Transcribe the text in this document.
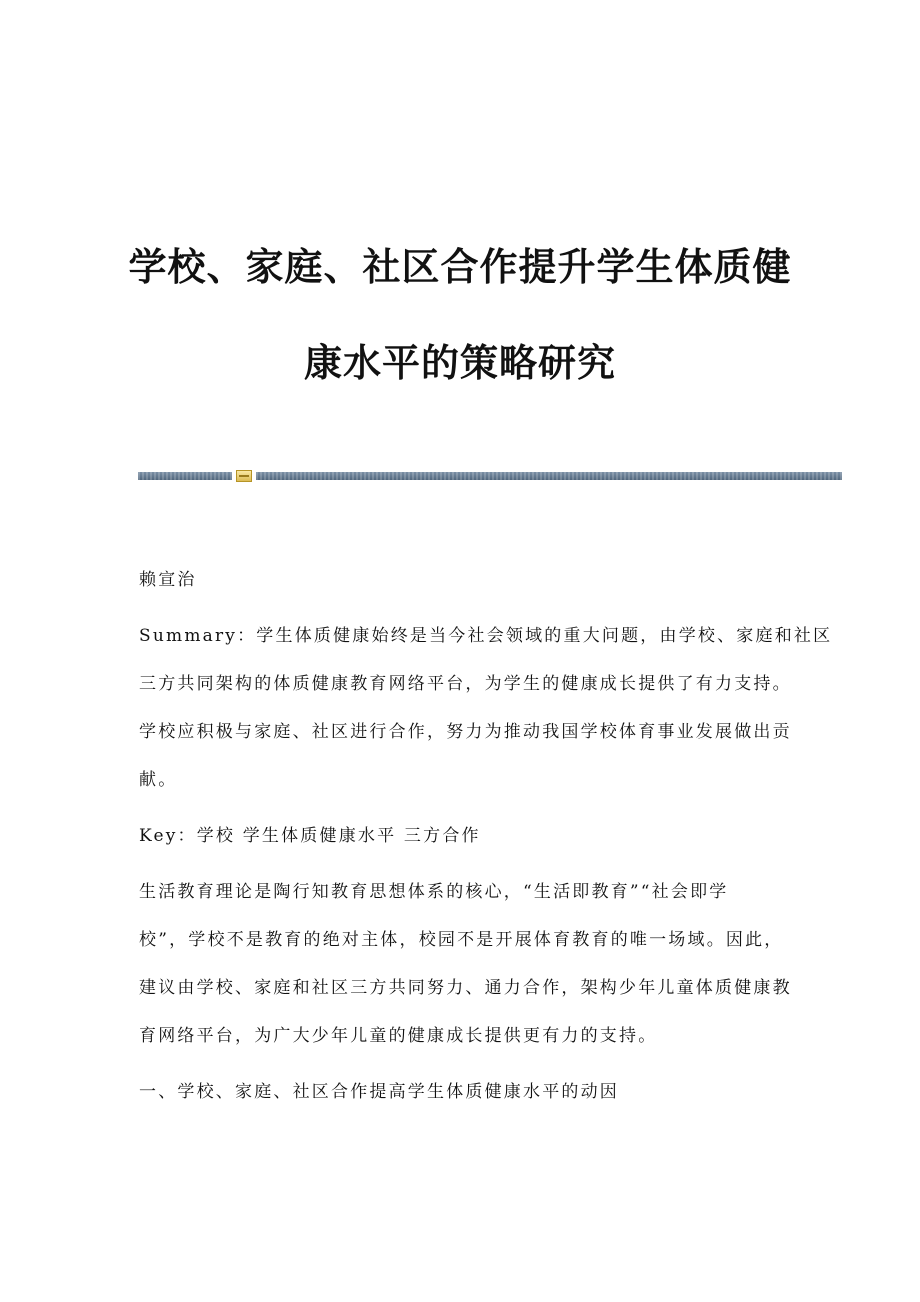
学校、家庭、社区合作提升学生体质健
康水平的策略研究
赖宣治
Summary：学生体质健康始终是当今社会领域的重大问题，由学校、家庭和社区
三方共同架构的体质健康教育网络平台，为学生的健康成长提供了有力支持。
学校应积极与家庭、社区进行合作，努力为推动我国学校体育事业发展做出贡
献。
Key：学校 学生体质健康水平 三方合作
生活教育理论是陶行知教育思想体系的核心，“生活即教育”“社会即学
校”，学校不是教育的绝对主体，校园不是开展体育教育的唯一场域。因此，
建议由学校、家庭和社区三方共同努力、通力合作，架构少年儿童体质健康教
育网络平台，为广大少年儿童的健康成长提供更有力的支持。
一、学校、家庭、社区合作提高学生体质健康水平的动因
